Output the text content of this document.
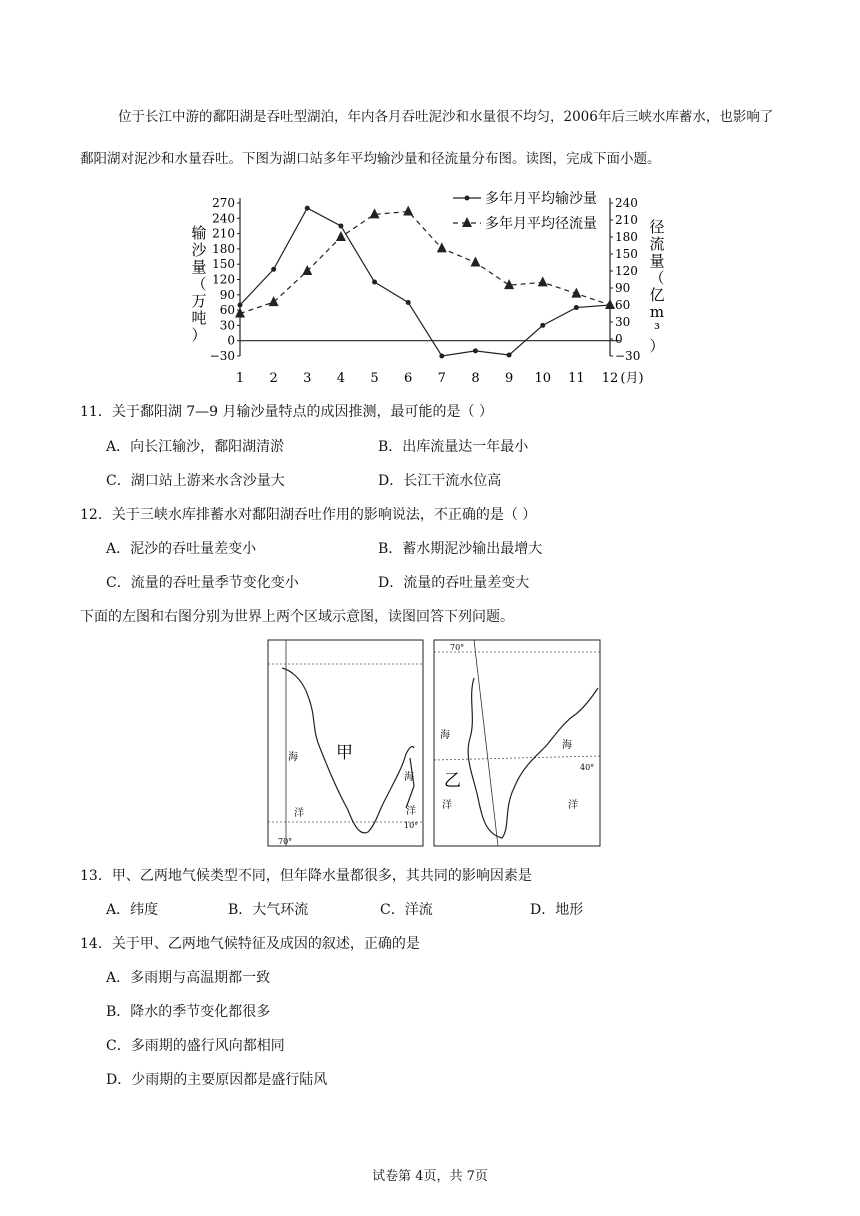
位于长江中游的鄱阳湖是吞吐型湖泊，年内各月吞吐泥沙和水量很不均匀，2006年后三峡水库蓄水，也影响了鄱阳湖对泥沙和水量吞吐。下图为湖口站多年平均输沙量和径流量分布图。读图，完成下面小题。
270
240
210
180
150
120
90
60
30
0
−30
240
210
180
150
120
90
60
30
0
−30
1 2 3 4 5 6 7 8 9 10 11 12 (月)
输
沙
量
（
万
吨
）
径
流
量
（
亿
m
³
）
多年月平均输沙量
多年月平均径流量
11．关于鄱阳湖 7—9 月输沙量特点的成因推测，最可能的是（ ）
A．向长江输沙，鄱阳湖清淤	B．出库流量达一年最小
C．湖口站上游来水含沙量大	D．长江干流水位高
12．关于三峡水库排蓄水对鄱阳湖吞吐作用的影响说法，不正确的是（ ）
A．泥沙的吞吐量差变小	B．蓄水期泥沙输出最增大
C．流量的吞吐量季节变化变小	D．流量的吞吐量差变大
下面的左图和右图分别为世界上两个区域示意图，读图回答下列问题。
海
洋
海
洋
甲
10°
70°
海
洋
海
洋
乙
40°
70°
13．甲、乙两地气候类型不同，但年降水量都很多，其共同的影响因素是
A．纬度	B．大气环流	C．洋流	D．地形
14．关于甲、乙两地气候特征及成因的叙述，正确的是
A．多雨期与高温期都一致
B．降水的季节变化都很多
C．多雨期的盛行风向都相同
D．少雨期的主要原因都是盛行陆风
试卷第 4页，共 7页
